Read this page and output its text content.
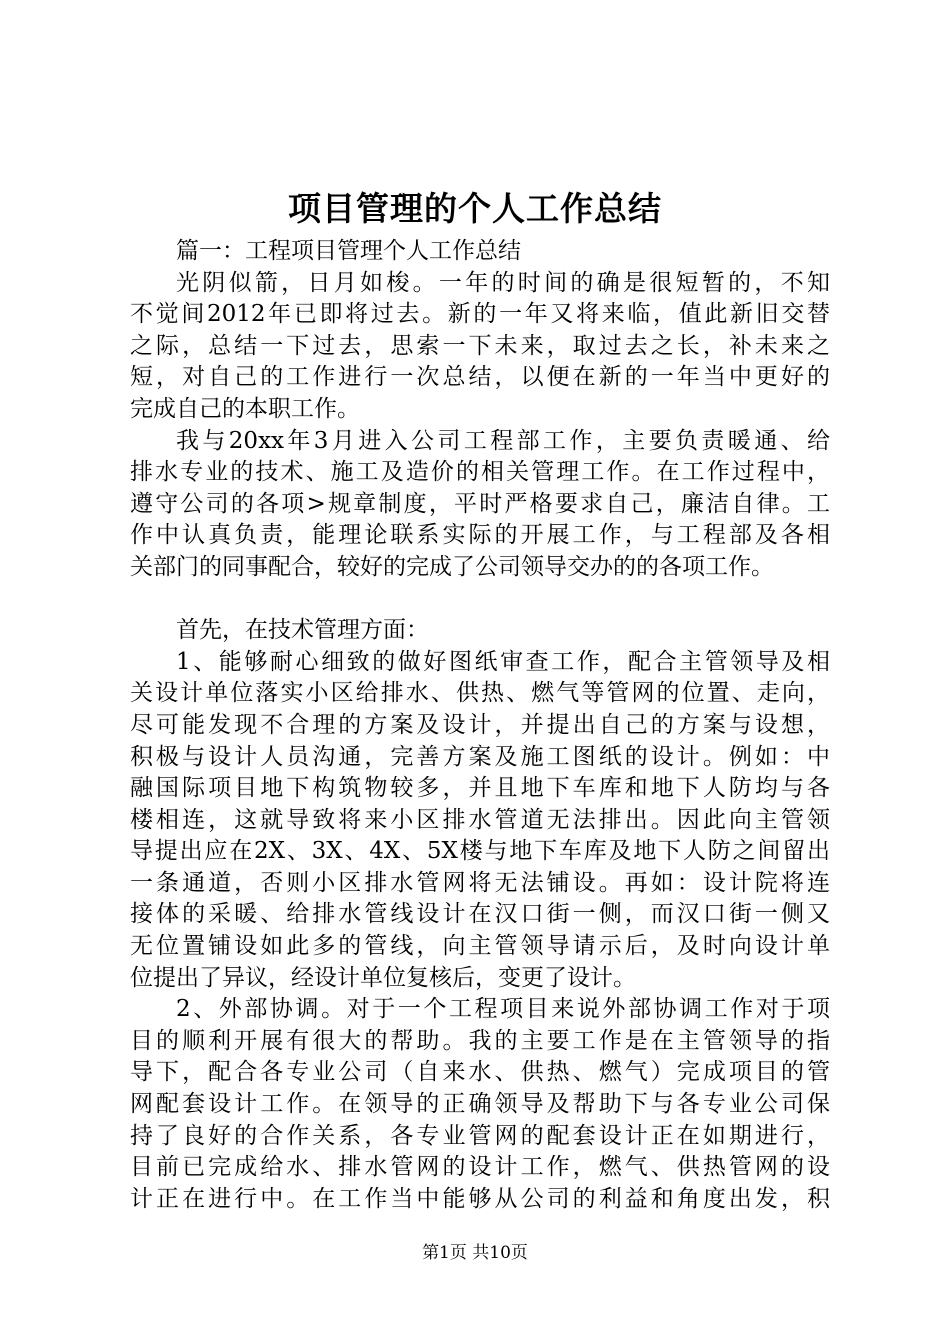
项目管理的个人工作总结
篇一：工程项目管理个人工作总结
光阴似箭，日月如梭。一年的时间的确是很短暂的，不知
不觉间2012年已即将过去。新的一年又将来临，值此新旧交替
之际，总结一下过去，思索一下未来，取过去之长，补未来之
短，对自己的工作进行一次总结，以便在新的一年当中更好的
完成自己的本职工作。
我与20xx年3月进入公司工程部工作，主要负责暖通、给
排水专业的技术、施工及造价的相关管理工作。在工作过程中，
遵守公司的各项>规章制度，平时严格要求自己，廉洁自律。工
作中认真负责，能理论联系实际的开展工作，与工程部及各相
关部门的同事配合，较好的完成了公司领导交办的的各项工作。
首先，在技术管理方面：
1、能够耐心细致的做好图纸审查工作，配合主管领导及相
关设计单位落实小区给排水、供热、燃气等管网的位置、走向，
尽可能发现不合理的方案及设计，并提出自己的方案与设想，
积极与设计人员沟通，完善方案及施工图纸的设计。例如：中
融国际项目地下构筑物较多，并且地下车库和地下人防均与各
楼相连，这就导致将来小区排水管道无法排出。因此向主管领
导提出应在2X、3X、4X、5X楼与地下车库及地下人防之间留出
一条通道，否则小区排水管网将无法铺设。再如：设计院将连
接体的采暖、给排水管线设计在汉口街一侧，而汉口街一侧又
无位置铺设如此多的管线，向主管领导请示后，及时向设计单
位提出了异议，经设计单位复核后，变更了设计。
2、外部协调。对于一个工程项目来说外部协调工作对于项
目的顺利开展有很大的帮助。我的主要工作是在主管领导的指
导下，配合各专业公司（自来水、供热、燃气）完成项目的管
网配套设计工作。在领导的正确领导及帮助下与各专业公司保
持了良好的合作关系，各专业管网的配套设计正在如期进行，
目前已完成给水、排水管网的设计工作，燃气、供热管网的设
计正在进行中。在工作当中能够从公司的利益和角度出发，积
第1页 共10页
